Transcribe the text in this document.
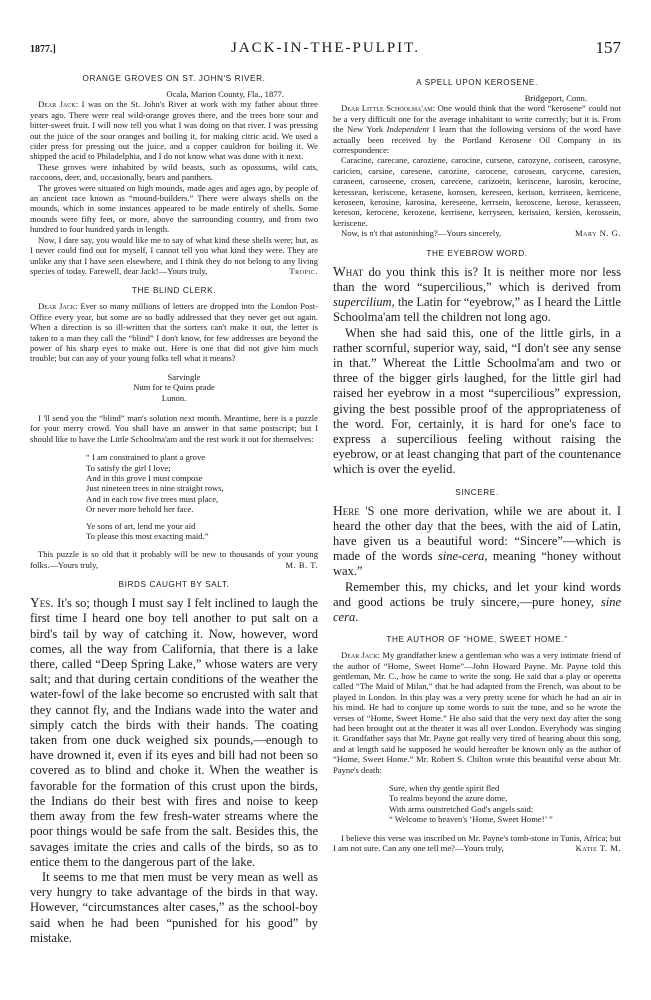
1877.]	JACK-IN-THE-PULPIT.	157
ORANGE GROVES ON ST. JOHN'S RIVER.

Ocala, Marion County, Fla., 1877.

Dear Jack: I was on the St. John's River at work with my father about three years ago. There were real wild-orange groves there, and the trees bore sour and bitter-sweet fruit. I will now tell you what I was doing on that river. I was pressing out the juice of the sour oranges and boiling it, for making citric acid. We used a cider press for pressing out the juice, and a copper cauldron for boiling it. We shipped the acid to Philadelphia, and I do not know what was done with it next.

These groves were inhabited by wild beasts, such as opossums, wild cats, raccoons, deer, and, occasionally, bears and panthers.

The groves were situated on high mounds, made ages and ages ago, by people of an ancient race known as “mound-builders.” There were always shells on the mounds, which in some instances appeared to be made entirely of shells. Some mounds were fifty feet, or more, above the surrounding country, and from two hundred to four hundred yards in length.

Now, I dare say, you would like me to say of what kind these shells were; but, as I never could find out for myself, I cannot tell you what kind they were. They are unlike any that I have seen elsewhere, and I think they do not belong to any living species of today. Farewell, dear Jack!—Yours truly,	Tropic.

THE BLIND CLERK.

Dear Jack: Ever so many millions of letters are dropped into the London Post-Office every year, but some are so badly addressed that they never get out again. When a direction is so ill-written that the sorters can't make it out, the letter is taken to a man they call the “blind” I don't know, for few addresses are beyond the power of his sharp eyes to make out. Here is one that did not give him much trouble; but can any of your young folks tell what it means?

Sarvingle

Num for te Quins prade

Lunon.

I 'll send you the “blind” man's solution next month. Meantime, here is a puzzle for your merry crowd. You shall have an answer in that same postscript; but I should like to have the Little Schoolma'am and the rest work it out for themselves:

“ I am constrained to plant a grove

To satisfy the girl I love;

And in this grove I must compose

Just nineteen trees in nine straight rows,

And in each row five trees must place,

Or never more behold her face.

Ye sons of art, lend me your aid

To please this most exacting maid.”

This puzzle is so old that it probably will be new to thousands of your young folks.—Yours truly,	M. B. T.

BIRDS CAUGHT BY SALT.

Yes. It's so; though I must say I felt inclined to laugh the first time I heard one boy tell another to put salt on a bird's tail by way of catching it. Now, however, word comes, all the way from California, that there is a lake there, called “Deep Spring Lake,” whose waters are very salt; and that during certain conditions of the weather the water-fowl of the lake become so encrusted with salt that they cannot fly, and the Indians wade into the water and simply catch the birds with their hands. The coating taken from one duck weighed six pounds,—enough to have drowned it, even if its eyes and bill had not been so covered as to blind and choke it. When the weather is favorable for the formation of this crust upon the birds, the Indians do their best with fires and noise to keep them away from the few fresh-water streams where the poor things would be safe from the salt. Besides this, the savages imitate the cries and calls of the birds, so as to entice them to the dangerous part of the lake.

It seems to me that men must be very mean as well as very hungry to take advantage of the birds in that way. However, “circumstances alter cases,” as the school-boy said when he had been “punished for his good” by mistake.

A SPELL UPON KEROSENE.

Bridgeport, Conn.

Dear Little Schoolma'am: One would think that the word “kerosene” could not be a very difficult one for the average inhabitant to write correctly; but it is. From the New York Independent I learn that the following versions of the word have actually been received by the Portland Kerosene Oil Company in its correspondence:

Caracine, carecane, caroziene, carocine, cursene, carozyne, coriseen, carosyne, caricien, carsine, caresene, carozine, carocene, carosean, carycene, caresien, caraseen, caroseene, crosen, carecene, carizoein, keriscene, karosin, kerocine, keressean, keriscene, kerasene, korosen, kereseen, kerison, kerriseen, kerricene, keroseen, kerosine, karosina, kereseene, kerrsein, keroscene, kerose, kerasseen, kereson, kerocene, kerozene, kerrisene, kerryseen, kerissien, kersien, kerossein, keriscene.

Now, is n't that astonishing?—Yours sincerely,	Mary N. G.

THE EYEBROW WORD.

What do you think this is? It is neither more nor less than the word “supercilious,” which is derived from supercilium, the Latin for “eyebrow,” as I heard the Little Schoolma'am tell the children not long ago.

When she had said this, one of the little girls, in a rather scornful, superior way, said, “I don't see any sense in that.” Whereat the Little Schoolma'am and two or three of the bigger girls laughed, for the little girl had raised her eyebrow in a most “supercilious” expression, giving the best possible proof of the appropriateness of the word. For, certainly, it is hard for one's face to express a supercilious feeling without raising the eyebrow, or at least changing that part of the countenance which is over the eyelid.

SINCERE.

Here 'S one more derivation, while we are about it. I heard the other day that the bees, with the aid of Latin, have given us a beautiful word: “Sincere”—which is made of the words sine-cera, meaning “honey without wax.”

Remember this, my chicks, and let your kind words and good actions be truly sincere,—pure honey, sine cera.

THE AUTHOR OF “HOME, SWEET HOME.”

Dear Jack: My grandfather knew a gentleman who was a very intimate friend of the author of “Home, Sweet Home”—John Howard Payne. Mr. Payne told this gentleman, Mr. C., how he came to write the song. He said that a play or operetta called “The Maid of Milan,” that he had adapted from the French, was about to be played in London. In this play was a very pretty scene for which he had an air in his mind. He had to conjure up some words to suit the tune, and so he wrote the verses of “Home, Sweet Home.” He also said that the very next day after the song had been brought out at the theater it was all over London. Everybody was singing it. Grandfather says that Mr. Payne got really very tired of hearing about this song, and at length said he supposed he would hereafter be known only as the author of “Home, Sweet Home.” Mr. Robert S. Chilton wrote this beautiful verse about Mr. Payne's death:

Sure, when thy gentle spirit fled

To realms beyond the azure dome,

With arms outstretched God's angels said:

“ Welcome to heaven's ‘Home, Sweet Home!’ ”

I believe this verse was inscribed on Mr. Payne's tomb-stone in Tunis, Africa; but I am not sure. Can any one tell me?—Yours truly,	Katie T. M.
